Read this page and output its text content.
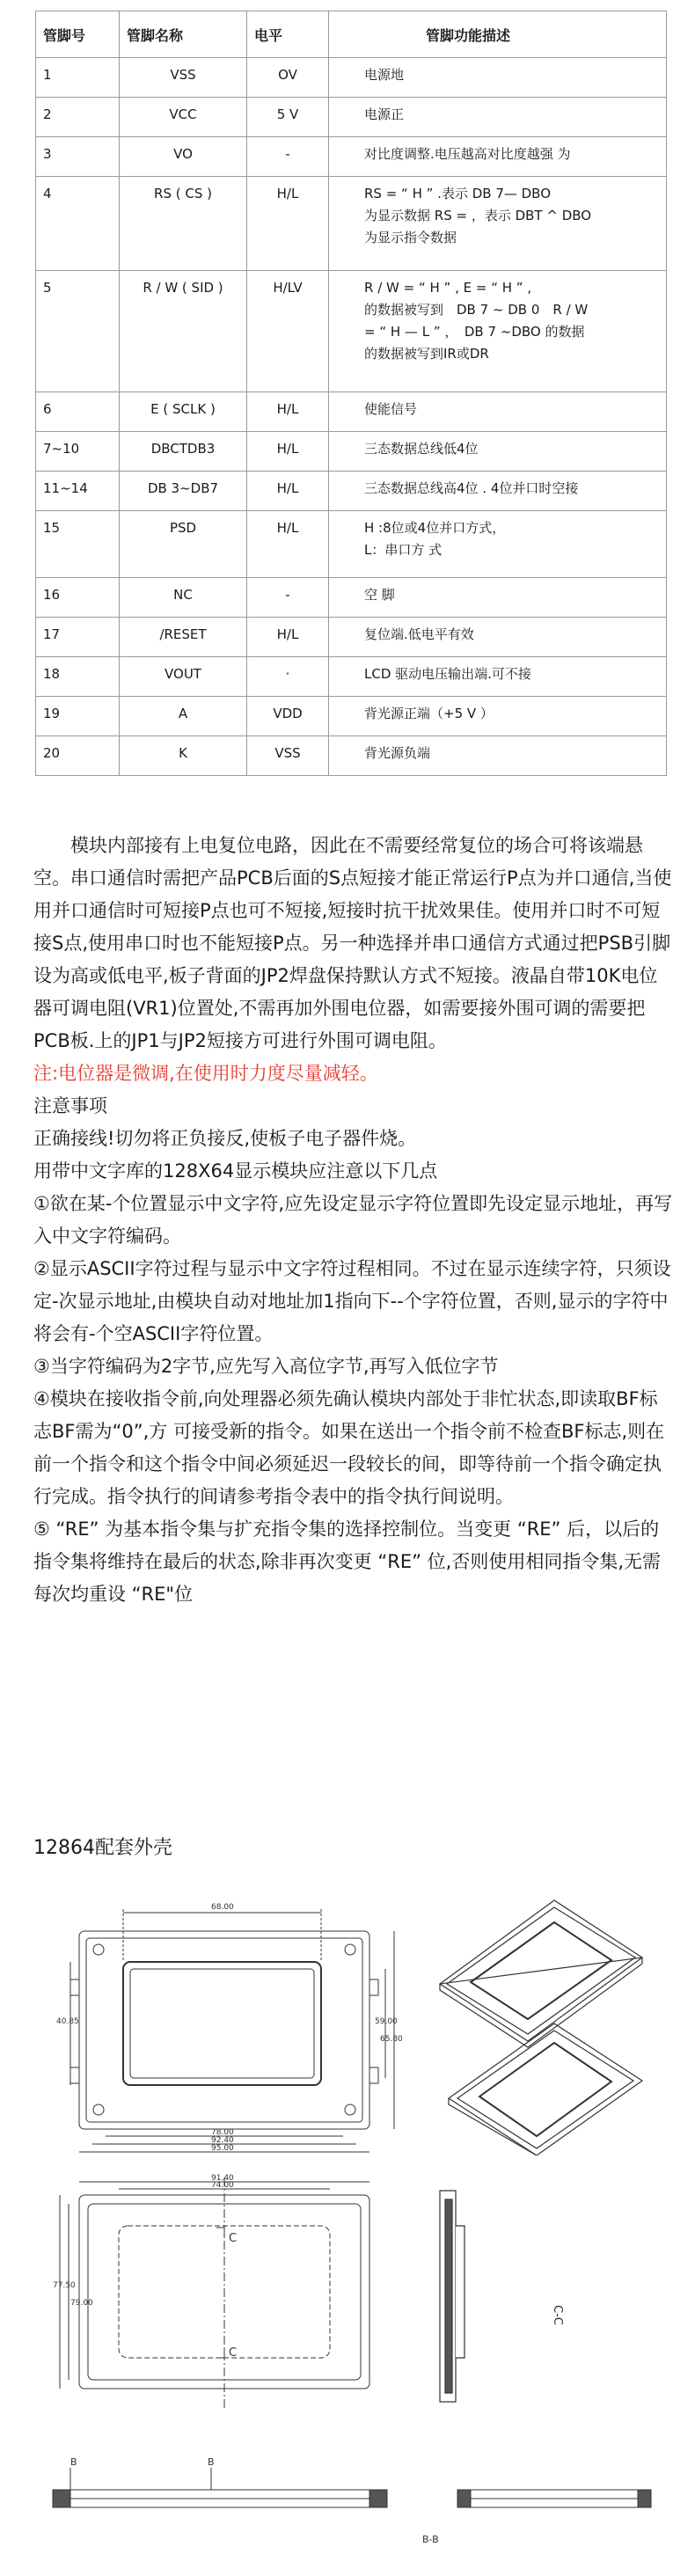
管脚号	管脚名称	电平	管脚功能描述
1	VSS	OV	电源地

2	VCC	5 V	电源正

3	VO	-	对比度调整.电压越高对比度越强 为

4	RS ( CS )	H/L	RS = “ H ” .表示 DB 7— DBO
为显示数据 RS = ，表示 DBT ^ DBO
为显示指令数据

5	R / W ( SID )	H/LV	R / W = “ H ” , E = “ H ” ,
的数据被写到　DB 7 ~ DB 0　R / W
= “ H — L ” ，　DB 7 ~DBO 的数据
的数据被写到IR或DR

6	E ( SCLK )	H/L	使能信号

7~10	DBCTDB3	H/L	三态数据总线低4位

11~14	DB 3~DB7	H/L	三态数据总线高4位 . 4位并口时空接

15	PSD	H/L	H :8位或4位并口方式，
L：串口方 式

16	NC	-	空 脚

17	/RESET	H/L	复位端.低电平有效

18	VOUT	·	LCD 驱动电压输出端.可不接

19	A	VDD	背光源正端（+5 V ）

20	K	VSS	背光源负端

模块内部接有上电复位电路，因此在不需要经常复位的场合可将该端悬空。串口通信时需把产品PCB后面的S点短接才能正常运行P点为并口通信,当使用并口通信时可短接P点也可不短接,短接时抗干扰效果佳。使用并口时不可短接S点,使用串口时也不能短接P点。另一种选择并串口通信方式通过把PSB引脚设为高或低电平,板子背面的JP2焊盘保持默认方式不短接。液晶自带10K电位器可调电阻(VR1)位置处,不需再加外围电位器，如需要接外围可调的需要把PCB板.上的JP1与JP2短接方可进行外围可调电阻。

注:电位器是微调,在使用时力度尽量减轻。

注意事项

正确接线!切勿将正负接反,使板子电子器件烧。

用带中文字库的128X64显示模块应注意以下几点

①欲在某-个位置显示中文字符,应先设定显示字符位置即先设定显示地址，再写入中文字符编码。

②显示ASCII字符过程与显示中文字符过程相同。不过在显示连续字符，只须设定-次显示地址,由模块自动对地址加1指向下--个字符位置，否则,显示的字符中将会有-个空ASCII字符位置。

③当字符编码为2字节,应先写入高位字节,再写入低位字节

④模块在接收指令前,向处理器必须先确认模块内部处于非忙状态,即读取BF标志BF需为“0”,方 可接受新的指令。如果在送出一个指令前不检查BF标志,则在前一个指令和这个指令中间必须延迟一段较长的间，即等待前一个指令确定执行完成。指令执行的间请参考指令表中的指令执行间说明。

⑤ “RE” 为基本指令集与扩充指令集的选择控制位。当变更 “RE” 后，以后的指令集将维持在最后的状态,除非再次变更 “RE” 位,否则使用相同指令集,无需每次均重设 “RE"位

12864配套外壳
68.00
78.00
92.40
95.00
40.85	59.00
65.80
91.40
74.00
77.50
79.00
C
C
C-C
B	B
B-B
